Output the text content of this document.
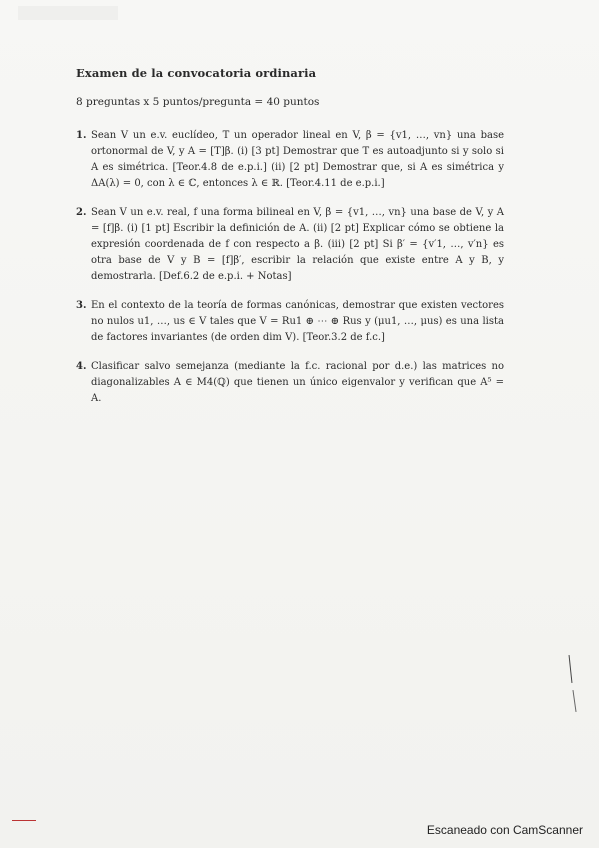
Examen de la convocatoria ordinaria
8 preguntas x 5 puntos/pregunta = 40 puntos
1. Sean V un e.v. euclídeo, T un operador lineal en V, β = {v1, …, vn} una base ortonormal de V, y A = [T]β. (i) [3 pt] Demostrar que T es autoadjunto si y solo si A es simétrica. [Teor.4.8 de e.p.i.] (ii) [2 pt] Demostrar que, si A es simétrica y ΔA(λ) = 0, con λ ∈ ℂ, entonces λ ∈ ℝ. [Teor.4.11 de e.p.i.]
2. Sean V un e.v. real, f una forma bilineal en V, β = {v1, …, vn} una base de V, y A = [f]β. (i) [1 pt] Escribir la definición de A. (ii) [2 pt] Explicar cómo se obtiene la expresión coordenada de f con respecto a β. (iii) [2 pt] Si β′ = {v′1, …, v′n} es otra base de V y B = [f]β′, escribir la relación que existe entre A y B, y demostrarla. [Def.6.2 de e.p.i. + Notas]
3. En el contexto de la teoría de formas canónicas, demostrar que existen vectores no nulos u1, …, us ∈ V tales que V = Ru1 ⊕ ⋯ ⊕ Rus y (μu1, …, μus) es una lista de factores invariantes (de orden dim V). [Teor.3.2 de f.c.]
4. Clasificar salvo semejanza (mediante la f.c. racional por d.e.) las matrices no diagonalizables A ∈ M4(ℚ) que tienen un único eigenvalor y verifican que A⁵ = A.
Escaneado con CamScanner
